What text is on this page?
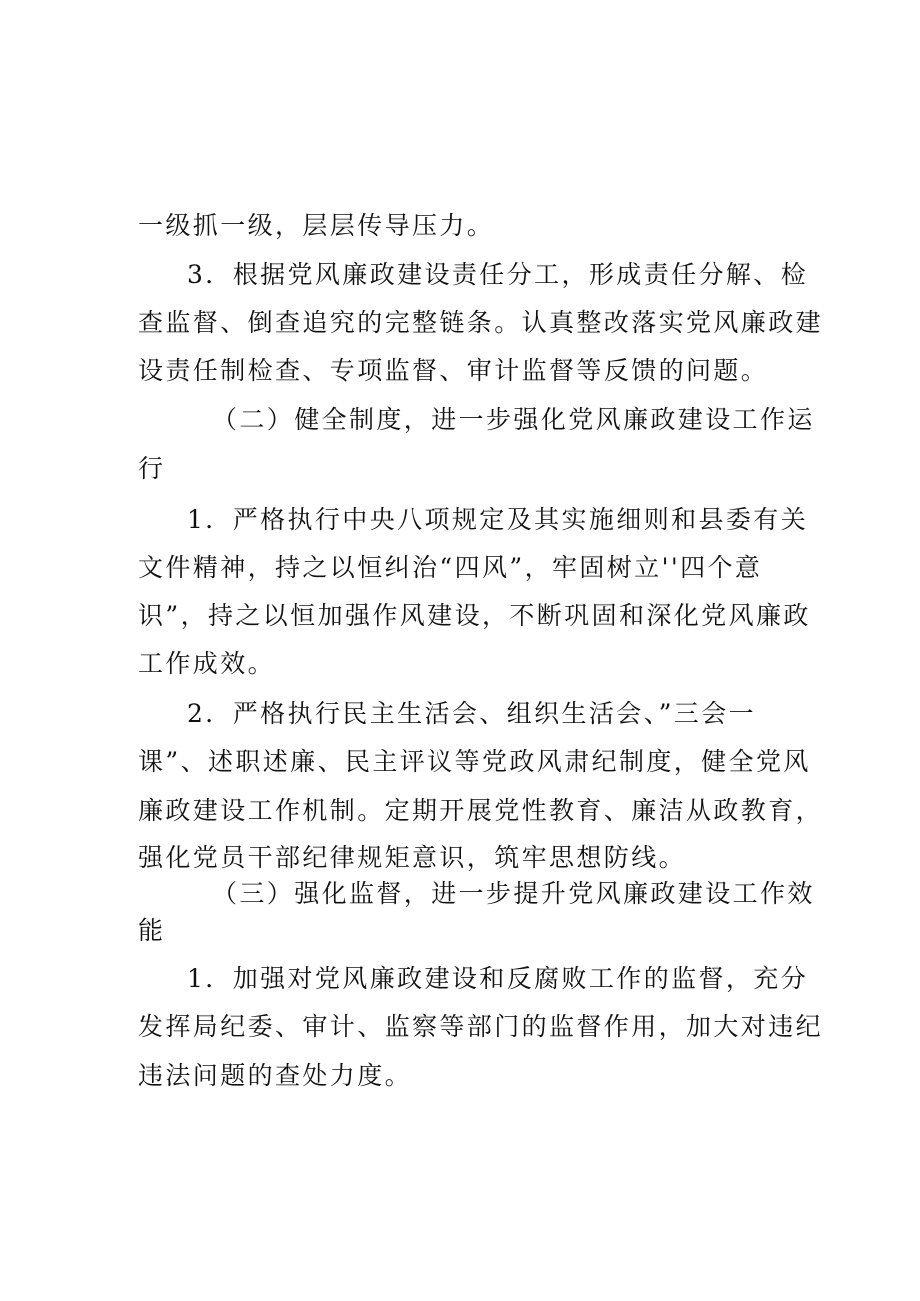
一级抓一级，层层传导压力。
3．根据党风廉政建设责任分工，形成责任分解、检
查监督、倒查追究的完整链条。认真整改落实党风廉政建
设责任制检查、专项监督、审计监督等反馈的问题。
（二）健全制度，进一步强化党风廉政建设工作运
行
1．严格执行中央八项规定及其实施细则和县委有关
文件精神，持之以恒纠治“四风”，牢固树立''四个意
识”，持之以恒加强作风建设，不断巩固和深化党风廉政
工作成效。
2．严格执行民主生活会、组织生活会、”三会一
课”、述职述廉、民主评议等党政风肃纪制度，健全党风
廉政建设工作机制。定期开展党性教育、廉洁从政教育，
强化党员干部纪律规矩意识，筑牢思想防线。
（三）强化监督，进一步提升党风廉政建设工作效
能
1．加强对党风廉政建设和反腐败工作的监督，充分
发挥局纪委、审计、监察等部门的监督作用，加大对违纪
违法问题的查处力度。
